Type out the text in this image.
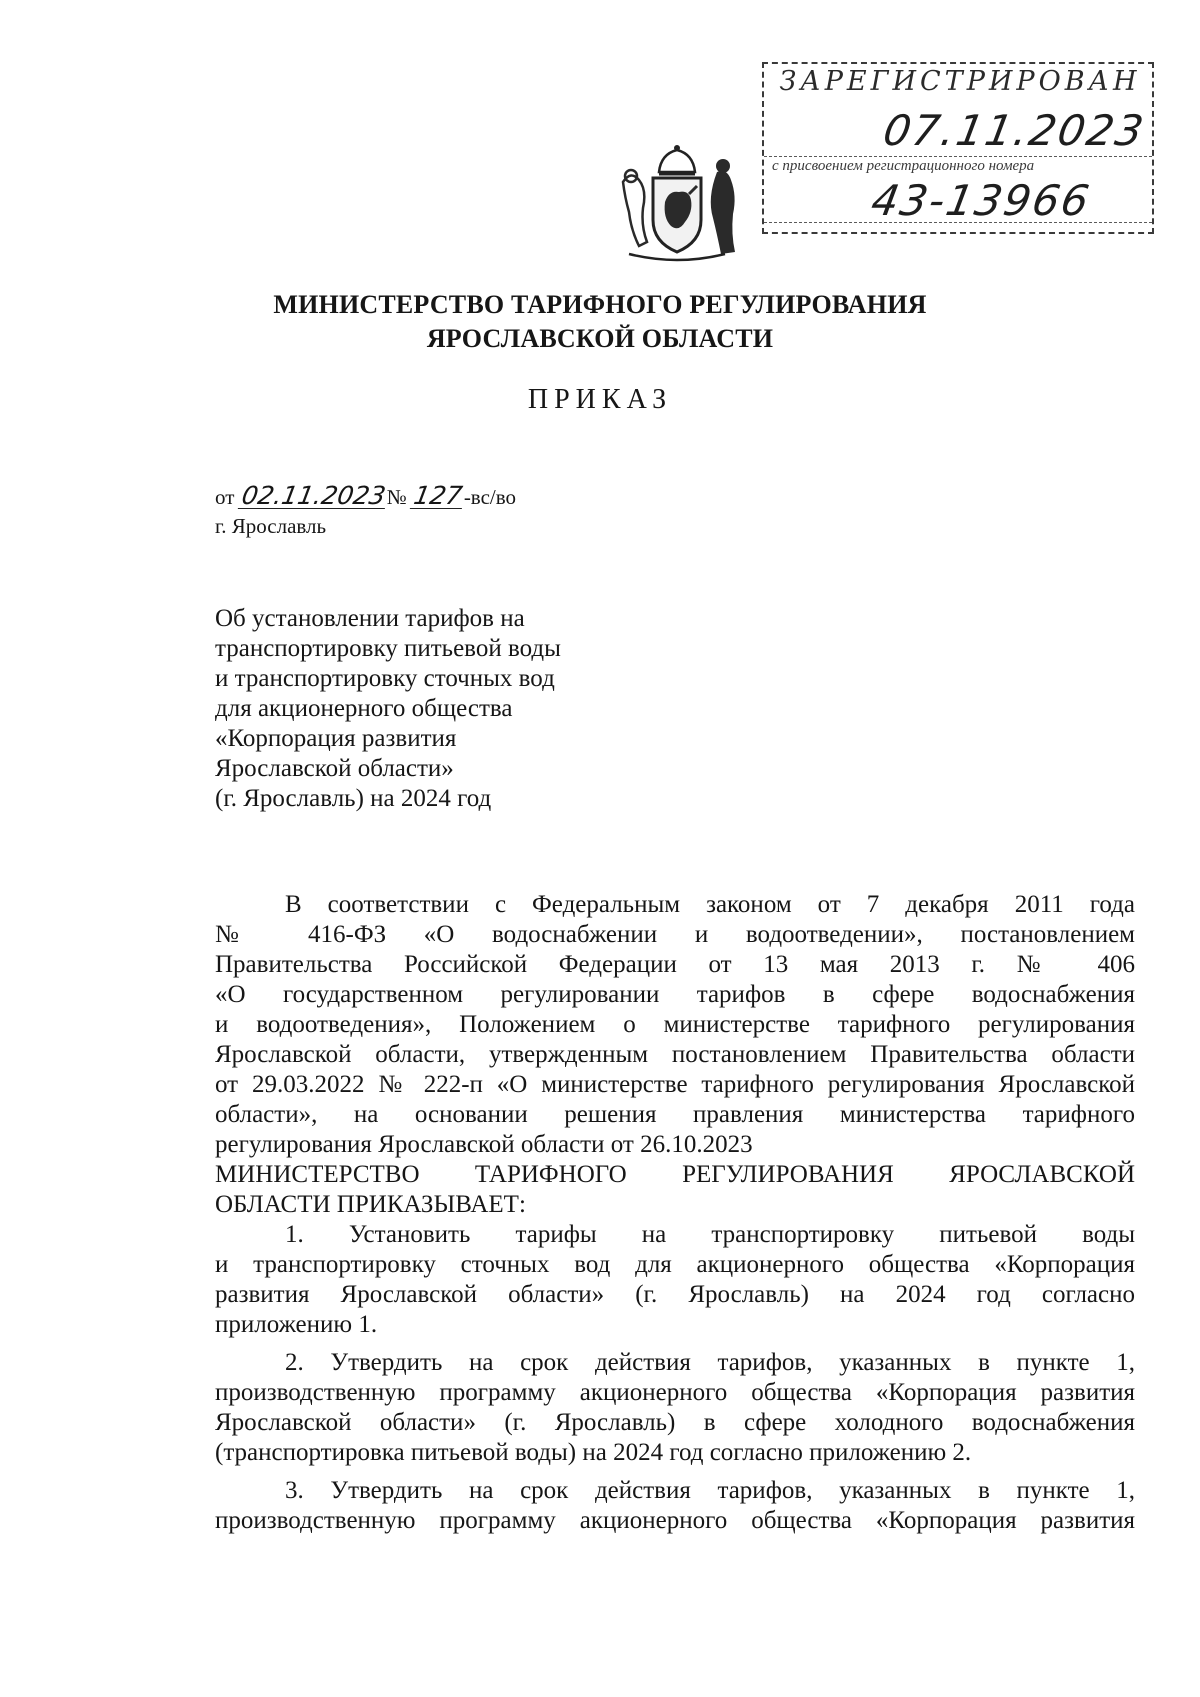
ЗАРЕГИСТРИРОВАН
07.11.2023
с присвоением регистрационного номера
43-13966
МИНИСТЕРСТВО ТАРИФНОГО РЕГУЛИРОВАНИЯ
ЯРОСЛАВСКОЙ ОБЛАСТИ
ПРИКАЗ
от 02.11.2023№ 127-вс/во
г. Ярославль
Об установлении тарифов на
транспортировку питьевой воды
и транспортировку сточных вод
для акционерного общества
«Корпорация развития
Ярославской области»
(г. Ярославль) на 2024 год
В соответствии с Федеральным законом от 7 декабря 2011 года
№ 416-ФЗ «О водоснабжении и водоотведении», постановлением
Правительства Российской Федерации от 13 мая 2013 г. № 406
«О государственном регулировании тарифов в сфере водоснабжения
и водоотведения», Положением о министерстве тарифного регулирования
Ярославской области, утвержденным постановлением Правительства области
от 29.03.2022 № 222-п «О министерстве тарифного регулирования Ярославской
области», на основании решения правления министерства тарифного
регулирования Ярославской области от 26.10.2023
МИНИСТЕРСТВО ТАРИФНОГО РЕГУЛИРОВАНИЯ ЯРОСЛАВСКОЙ
ОБЛАСТИ ПРИКАЗЫВАЕТ:
1. Установить тарифы на транспортировку питьевой воды
и транспортировку сточных вод для акционерного общества «Корпорация
развития Ярославской области» (г. Ярославль) на 2024 год согласно
приложению 1.
2. Утвердить на срок действия тарифов, указанных в пункте 1,
производственную программу акционерного общества «Корпорация развития
Ярославской области» (г. Ярославль) в сфере холодного водоснабжения
(транспортировка питьевой воды) на 2024 год согласно приложению 2.
3. Утвердить на срок действия тарифов, указанных в пункте 1,
производственную программу акционерного общества «Корпорация развития
